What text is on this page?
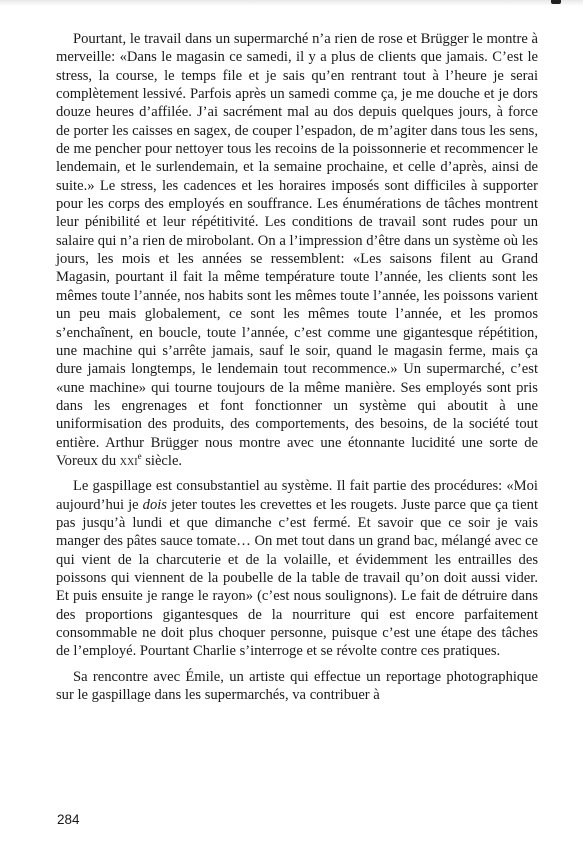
Pourtant, le travail dans un supermarché n’a rien de rose et Brügger le montre à merveille: «Dans le magasin ce samedi, il y a plus de clients que jamais. C’est le stress, la course, le temps file et je sais qu’en rentrant tout à l’heure je serai complètement lessivé. Parfois après un samedi comme ça, je me douche et je dors douze heures d’affilée. J’ai sacrément mal au dos depuis quelques jours, à force de porter les caisses en sagex, de couper l’espadon, de m’agiter dans tous les sens, de me pencher pour nettoyer tous les recoins de la poissonnerie et recommencer le lendemain, et le surlendemain, et la semaine prochaine, et celle d’après, ainsi de suite.» Le stress, les cadences et les horaires imposés sont difficiles à supporter pour les corps des employés en souffrance. Les énumérations de tâches montrent leur pénibilité et leur répétitivité. Les conditions de travail sont rudes pour un salaire qui n’a rien de mirobolant. On a l’impression d’être dans un système où les jours, les mois et les années se ressemblent: «Les saisons filent au Grand Magasin, pourtant il fait la même température toute l’année, les clients sont les mêmes toute l’année, nos habits sont les mêmes toute l’année, les poissons varient un peu mais globalement, ce sont les mêmes toute l’année, et les promos s’enchaînent, en boucle, toute l’année, c’est comme une gigantesque répétition, une machine qui s’arrête jamais, sauf le soir, quand le magasin ferme, mais ça dure jamais longtemps, le lendemain tout recommence.» Un supermarché, c’est «une machine» qui tourne toujours de la même manière. Ses employés sont pris dans les engrenages et font fonctionner un système qui aboutit à une uniformisation des produits, des comportements, des besoins, de la société tout entière. Arthur Brügger nous montre avec une étonnante lucidité une sorte de Voreux du xxi$^e$ siècle.

Le gaspillage est consubstantiel au système. Il fait partie des procédures: «Moi aujourd’hui je dois jeter toutes les crevettes et les rougets. Juste parce que ça tient pas jusqu’à lundi et que dimanche c’est fermé. Et savoir que ce soir je vais manger des pâtes sauce tomate… On met tout dans un grand bac, mélangé avec ce qui vient de la charcuterie et de la volaille, et évidemment les entrailles des poissons qui viennent de la poubelle de la table de travail qu’on doit aussi vider. Et puis ensuite je range le rayon» (c’est nous soulignons). Le fait de détruire dans des proportions gigantesques de la nourriture qui est encore parfaitement consommable ne doit plus choquer personne, puisque c’est une étape des tâches de l’employé. Pourtant Charlie s’interroge et se révolte contre ces pratiques.

Sa rencontre avec Émile, un artiste qui effectue un reportage photographique sur le gaspillage dans les supermarchés, va contribuer à

284
